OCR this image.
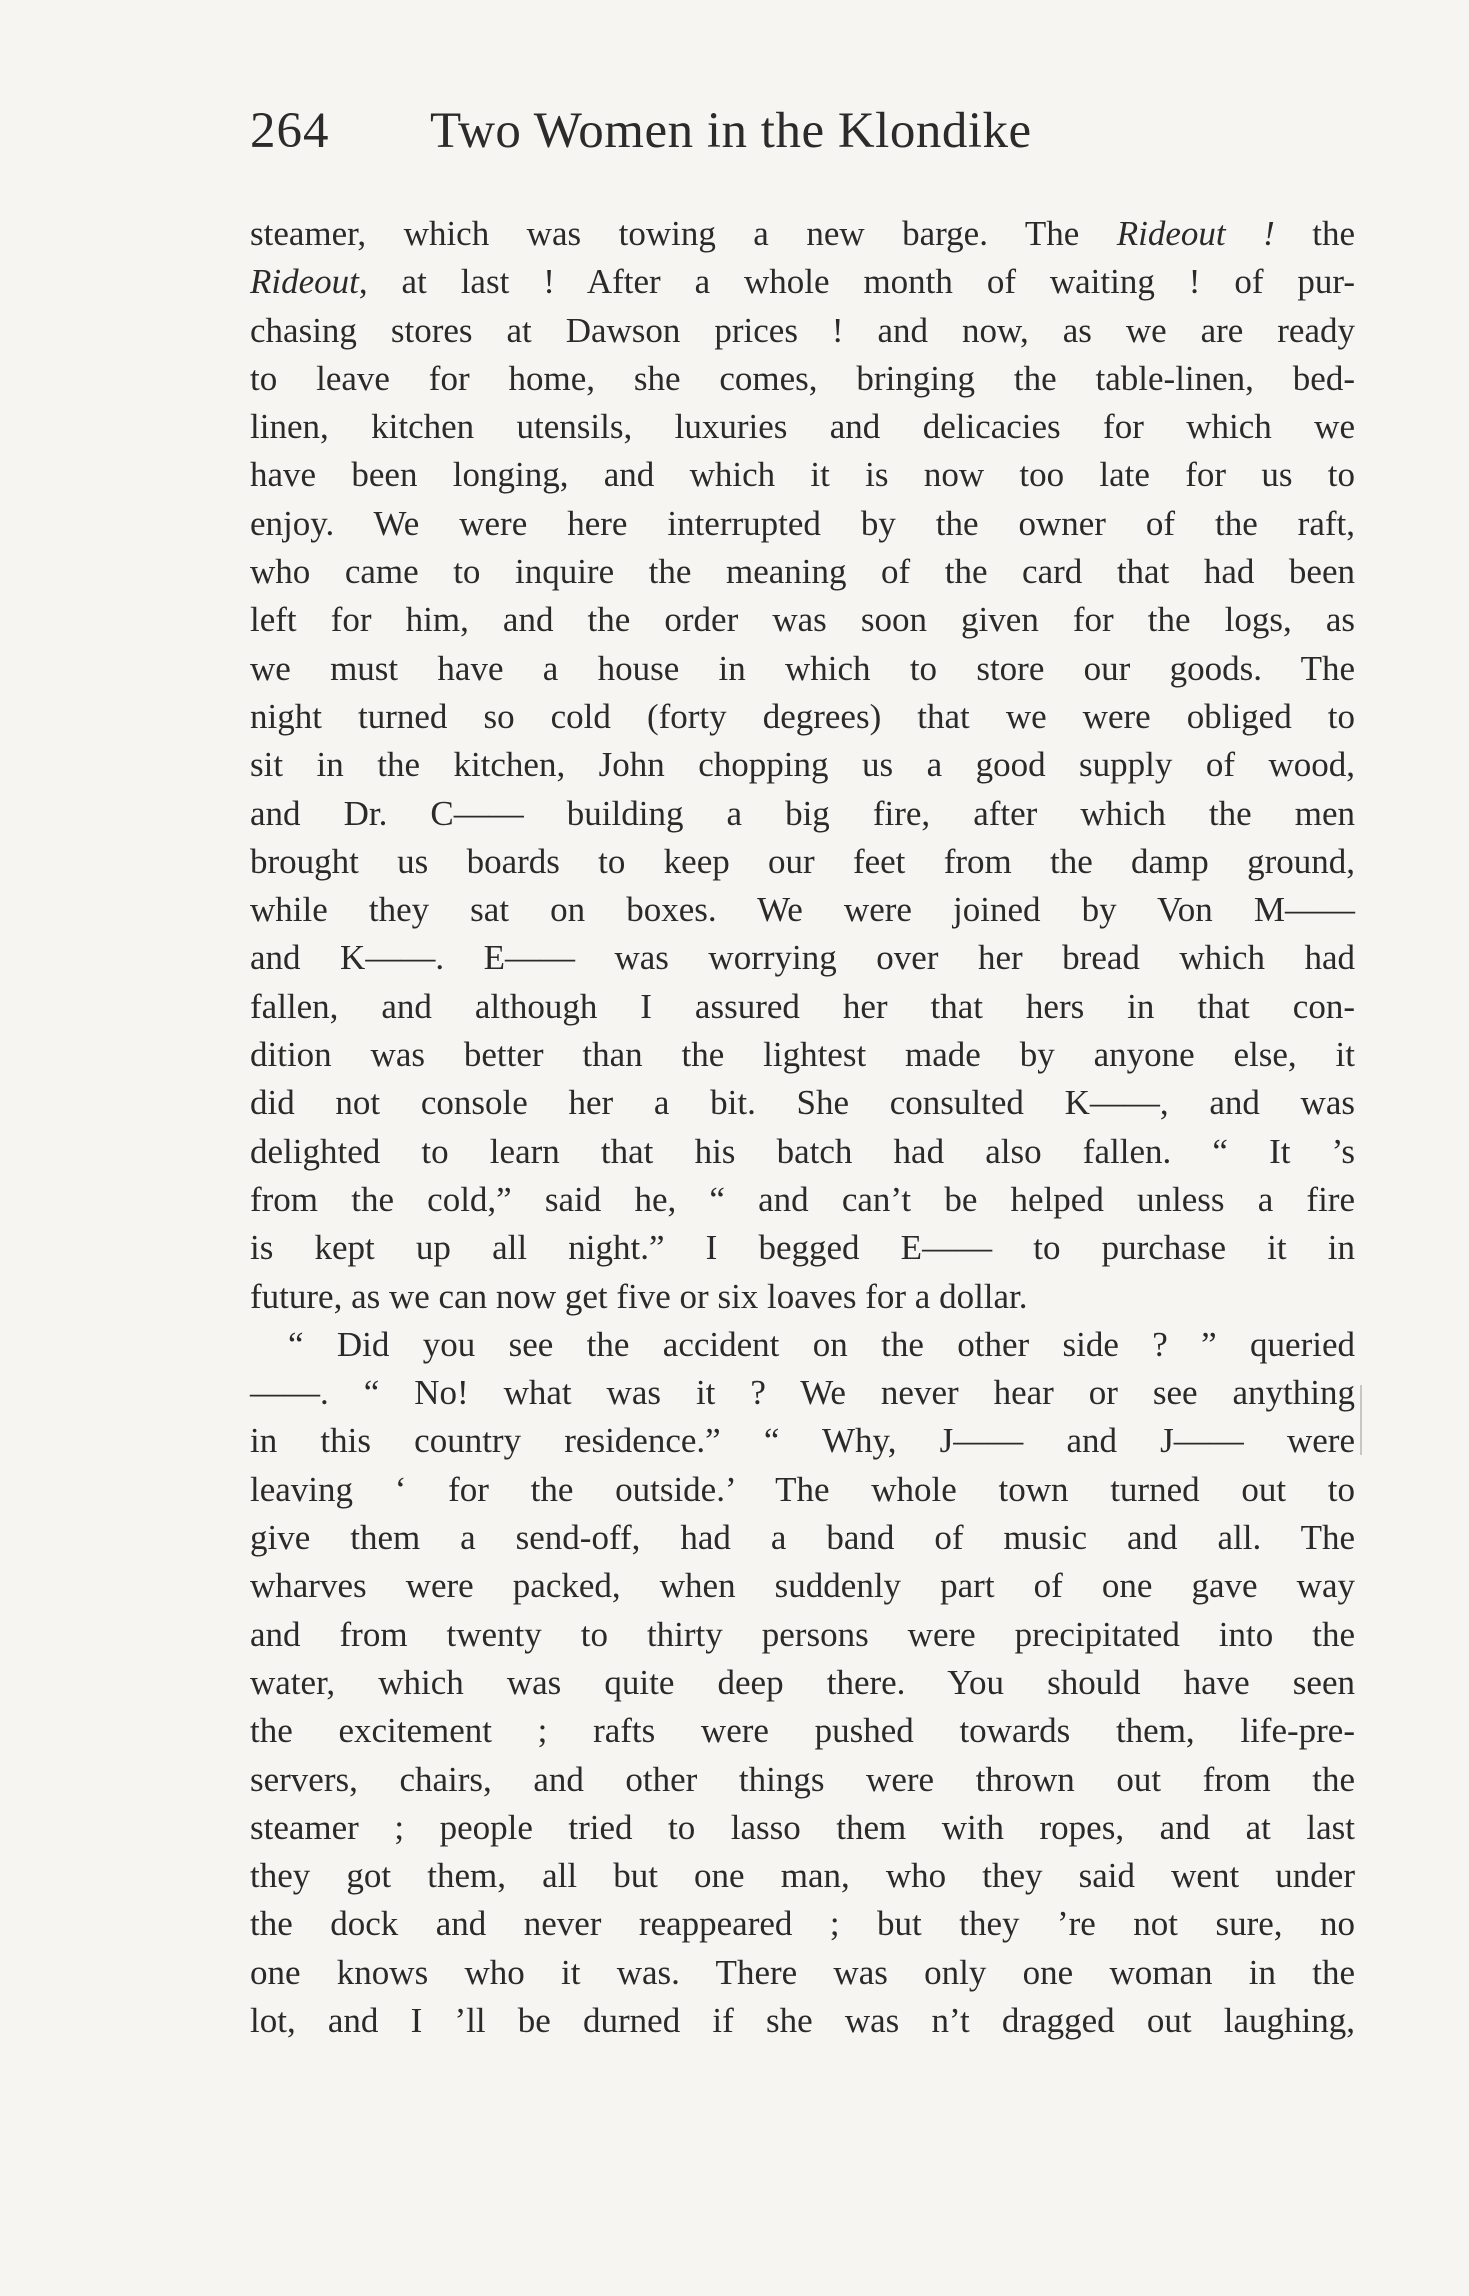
264 Two Women in the Klondike
steamer, which was towing a new barge. The Rideout ! the
Rideout, at last ! After a whole month of waiting ! of pur-
chasing stores at Dawson prices ! and now, as we are ready
to leave for home, she comes, bringing the table-linen, bed-
linen, kitchen utensils, luxuries and delicacies for which we
have been longing, and which it is now too late for us to
enjoy. We were here interrupted by the owner of the raft,
who came to inquire the meaning of the card that had been
left for him, and the order was soon given for the logs, as
we must have a house in which to store our goods. The
night turned so cold (forty degrees) that we were obliged to
sit in the kitchen, John chopping us a good supply of wood,
and Dr. C—— building a big fire, after which the men
brought us boards to keep our feet from the damp ground,
while they sat on boxes. We were joined by Von M——
and K——. E—— was worrying over her bread which had
fallen, and although I assured her that hers in that con-
dition was better than the lightest made by anyone else, it
did not console her a bit. She consulted K——, and was
delighted to learn that his batch had also fallen. “ It ’s
from the cold,” said he, “ and can’t be helped unless a fire
is kept up all night.” I begged E—— to purchase it in
future, as we can now get five or six loaves for a dollar.
“ Did you see the accident on the other side ? ” queried
——. “ No! what was it ? We never hear or see anything
in this country residence.” “ Why, J—— and J—— were
leaving ‘ for the outside.’ The whole town turned out to
give them a send-off, had a band of music and all. The
wharves were packed, when suddenly part of one gave way
and from twenty to thirty persons were precipitated into the
water, which was quite deep there. You should have seen
the excitement ; rafts were pushed towards them, life-pre-
servers, chairs, and other things were thrown out from the
steamer ; people tried to lasso them with ropes, and at last
they got them, all but one man, who they said went under
the dock and never reappeared ; but they ’re not sure, no
one knows who it was. There was only one woman in the
lot, and I ’ll be durned if she was n’t dragged out laughing,
